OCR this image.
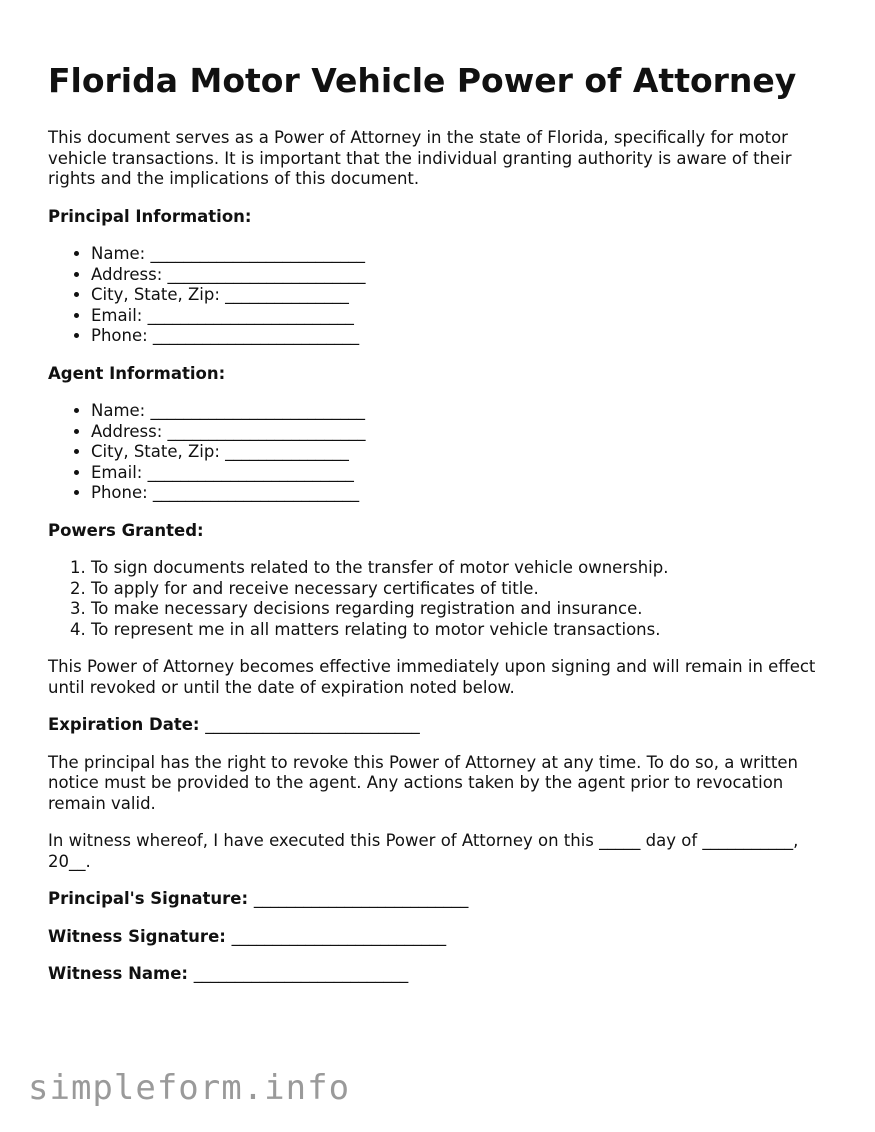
Florida Motor Vehicle Power of Attorney

This document serves as a Power of Attorney in the state of Florida, specifically for motor vehicle transactions. It is important that the individual granting authority is aware of their rights and the implications of this document.

Principal Information:
• Name: __________________________
• Address: ________________________
• City, State, Zip: _______________
• Email: _________________________
• Phone: _________________________
Agent Information:
• Name: __________________________
• Address: ________________________
• City, State, Zip: _______________
• Email: _________________________
• Phone: _________________________
Powers Granted:
1. To sign documents related to the transfer of motor vehicle ownership.
2. To apply for and receive necessary certificates of title.
3. To make necessary decisions regarding registration and insurance.
4. To represent me in all matters relating to motor vehicle transactions.

This Power of Attorney becomes effective immediately upon signing and will remain in effect until revoked or until the date of expiration noted below.

Expiration Date: __________________________

The principal has the right to revoke this Power of Attorney at any time. To do so, a written notice must be provided to the agent. Any actions taken by the agent prior to revocation remain valid.

In witness whereof, I have executed this Power of Attorney on this _____ day of ___________, 20__.

Principal's Signature: __________________________
Witness Signature: __________________________
Witness Name: __________________________
simpleform.info
